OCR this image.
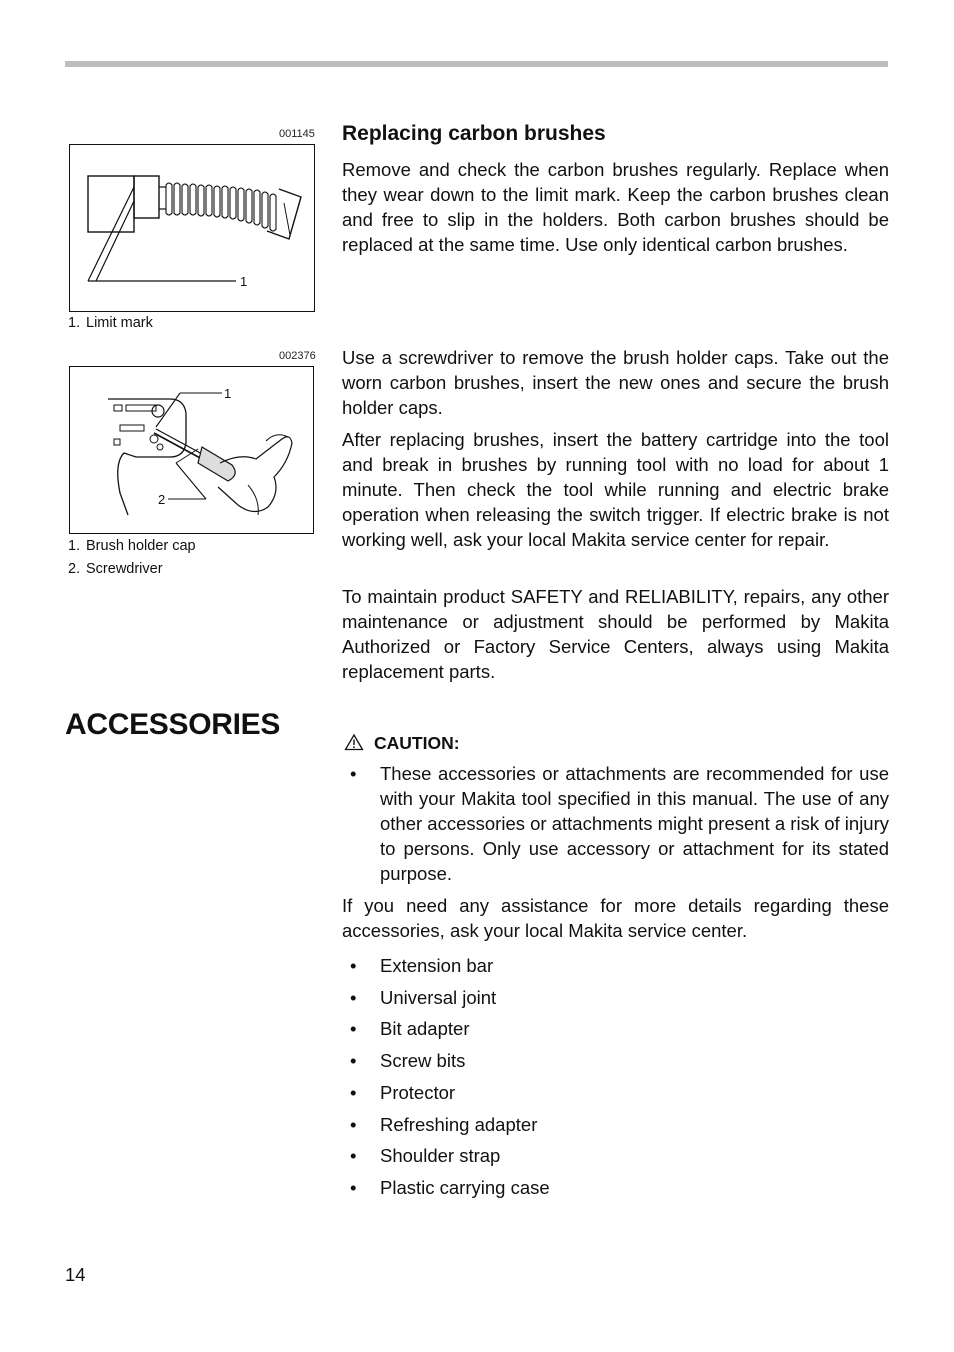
001145
1
1. Limit mark
002376
1
2
1. Brush holder cap
2. Screwdriver
Replacing carbon brushes

Remove and check the carbon brushes regularly. Replace when they wear down to the limit mark. Keep the carbon brushes clean and free to slip in the holders. Both carbon brushes should be replaced at the same time. Use only identical carbon brushes.

Use a screwdriver to remove the brush holder caps. Take out the worn carbon brushes, insert the new ones and secure the brush holder caps.

After replacing brushes, insert the battery cartridge into the tool and break in brushes by running tool with no load for about 1 minute. Then check the tool while running and electric brake operation when releasing the switch trigger. If electric brake is not working well, ask your local Makita service center for repair.

To maintain product SAFETY and RELIABILITY, repairs, any other maintenance or adjustment should be performed by Makita Authorized or Factory Service Centers, always using Makita replacement parts.

ACCESSORIES
CAUTION:
• These accessories or attachments are recommended for use with your Makita tool specified in this manual. The use of any other accessories or attachments might present a risk of injury to persons. Only use accessory or attachment for its stated purpose.

If you need any assistance for more details regarding these accessories, ask your local Makita service center.

• Extension bar
• Universal joint
• Bit adapter
• Screw bits
• Protector
• Refreshing adapter
• Shoulder strap
• Plastic carrying case
14
